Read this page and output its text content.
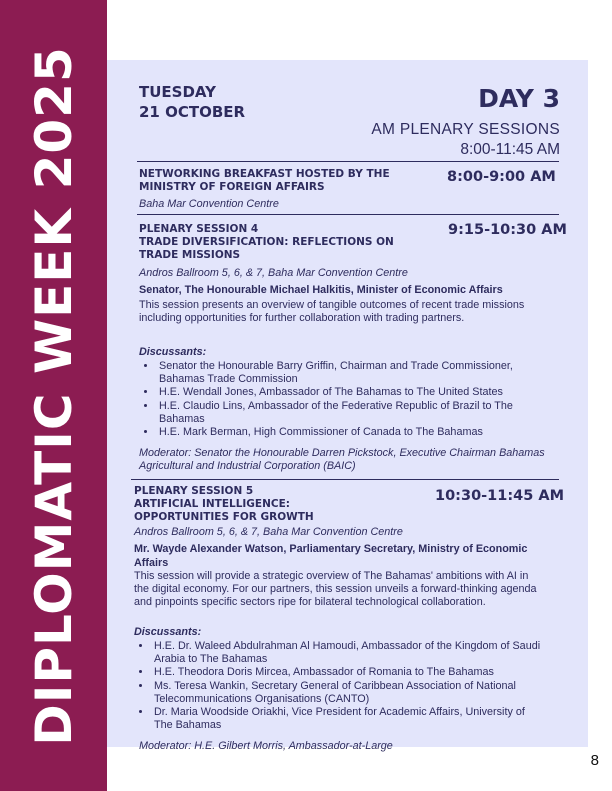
DIPLOMATIC WEEK 2025	TUESDAY
21 OCTOBER	DAY 3
AM PLENARY SESSIONS
8:00-11:45 AM
NETWORKING BREAKFAST HOSTED BY THE
MINISTRY OF FOREIGN AFFAIRS
8:00-9:00 AM
Baha Mar Convention Centre
PLENARY SESSION 4
TRADE DIVERSIFICATION: REFLECTIONS ON
TRADE MISSIONS
9:15-10:30 AM
Andros Ballroom 5, 6, & 7, Baha Mar Convention Centre
Senator, The Honourable Michael Halkitis, Minister of Economic Affairs
This session presents an overview of tangible outcomes of recent trade missions including opportunities for further collaboration with trading partners.
Discussants:
• Senator the Honourable Barry Griffin, Chairman and Trade Commissioner, Bahamas Trade Commission
• H.E. Wendall Jones, Ambassador of The Bahamas to The United States
• H.E. Claudio Lins, Ambassador of the Federative Republic of Brazil to The Bahamas
• H.E. Mark Berman, High Commissioner of Canada to The Bahamas
Moderator: Senator the Honourable Darren Pickstock, Executive Chairman Bahamas Agricultural and Industrial Corporation (BAIC)
PLENARY SESSION 5
ARTIFICIAL INTELLIGENCE:
OPPORTUNITIES FOR GROWTH
10:30-11:45 AM
Andros Ballroom 5, 6, & 7, Baha Mar Convention Centre
Mr. Wayde Alexander Watson, Parliamentary Secretary, Ministry of Economic Affairs
This session will provide a strategic overview of The Bahamas' ambitions with AI in the digital economy. For our partners, this session unveils a forward-thinking agenda and pinpoints specific sectors ripe for bilateral technological collaboration.
Discussants:
• H.E. Dr. Waleed Abdulrahman Al Hamoudi, Ambassador of the Kingdom of Saudi Arabia to The Bahamas
• H.E. Theodora Doris Mircea, Ambassador of Romania to The Bahamas
• Ms. Teresa Wankin, Secretary General of Caribbean Association of National Telecommunications Organisations (CANTO)
• Dr. Maria Woodside Oriakhi, Vice President for Academic Affairs, University of The Bahamas
Moderator: H.E. Gilbert Morris, Ambassador-at-Large
8
